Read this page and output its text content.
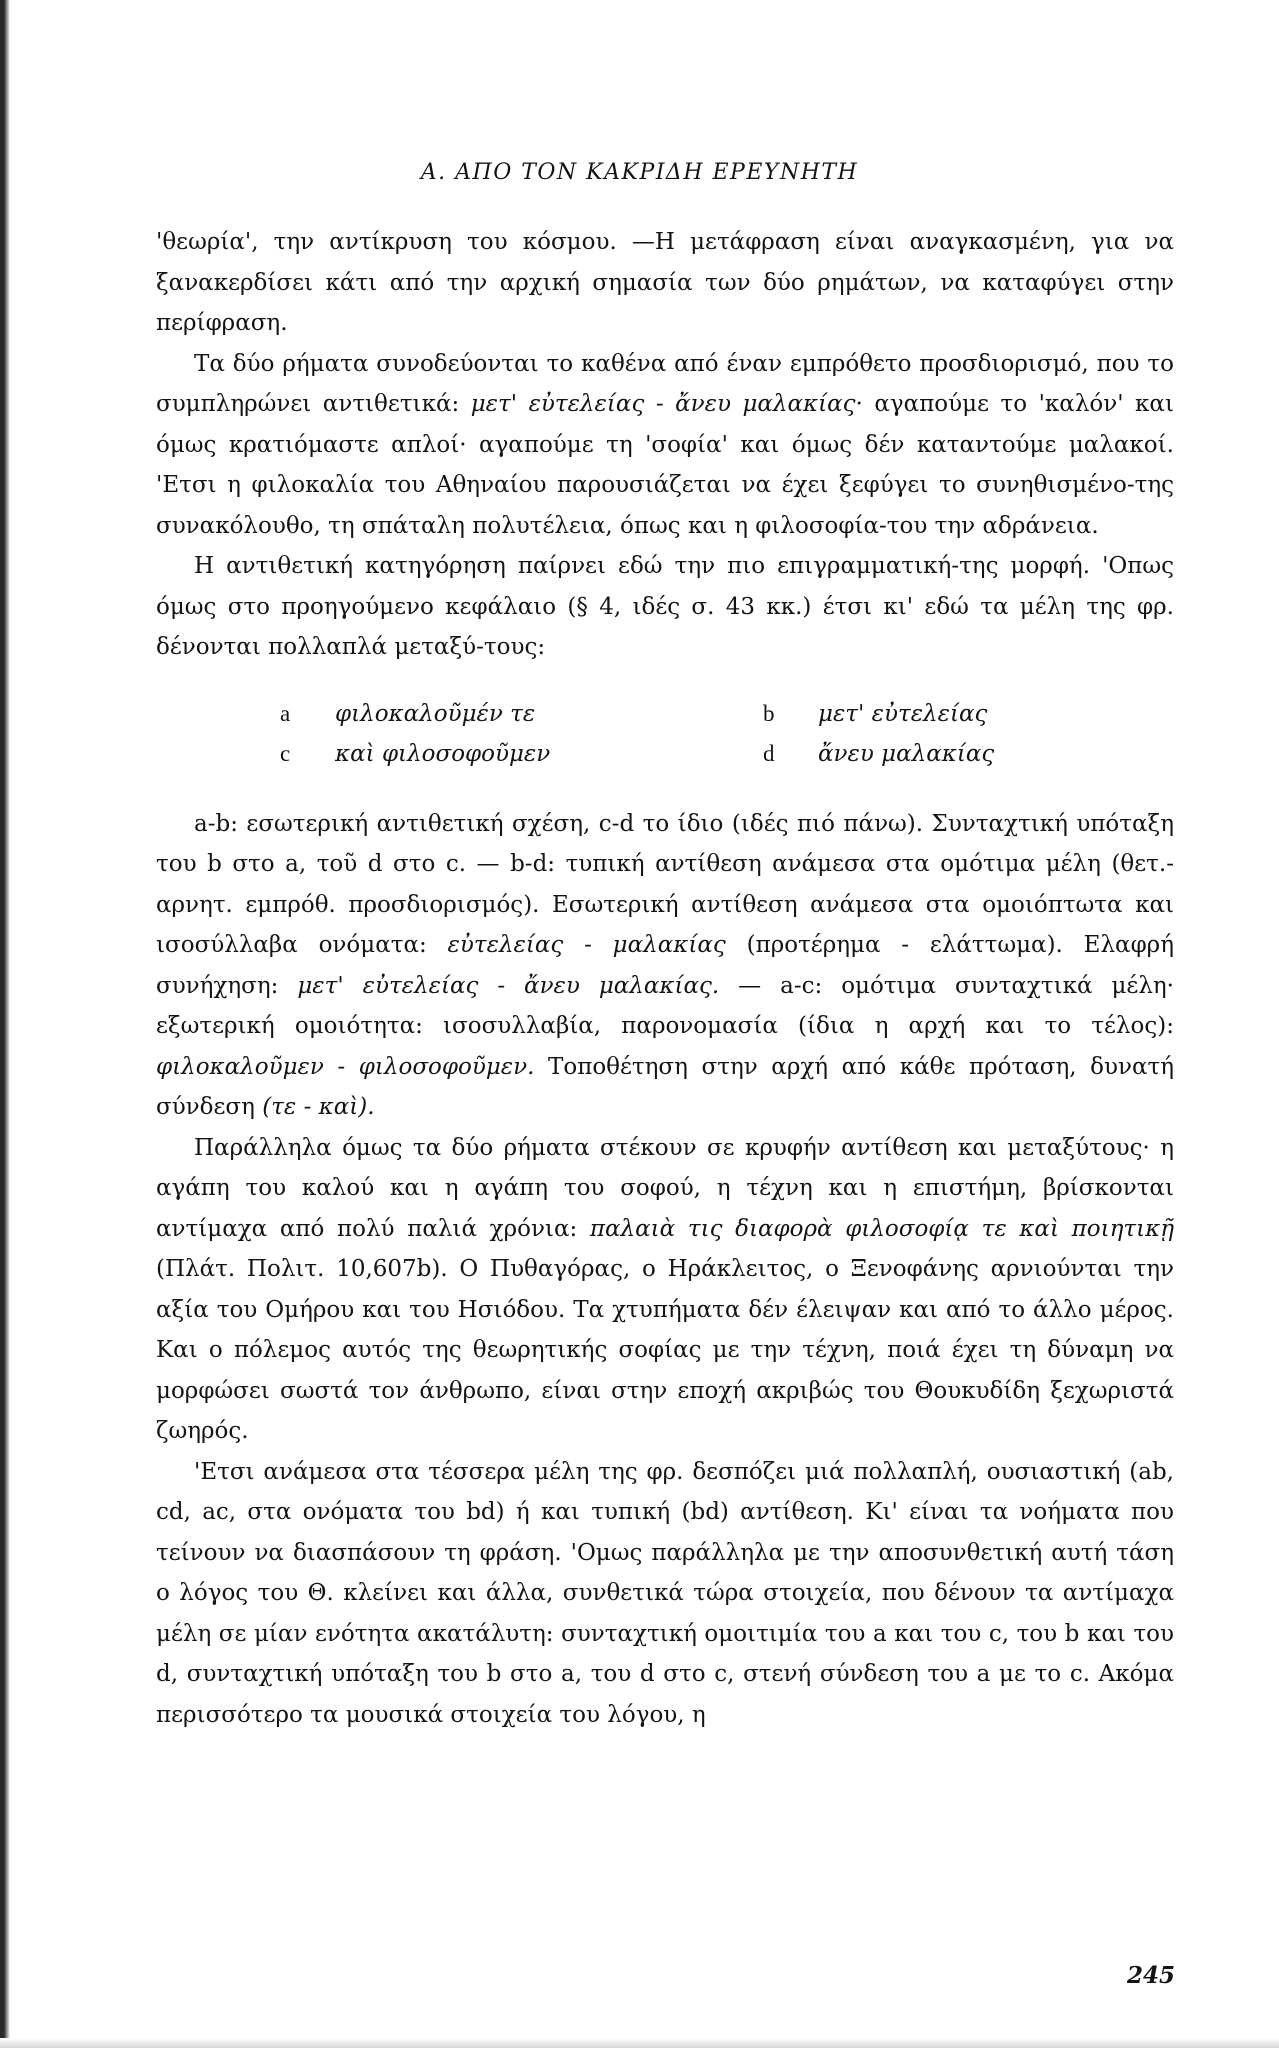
Α. ΑΠΟ ΤΟΝ ΚΑΚΡΙΔΗ ΕΡΕΥΝΗΤΗ

'θεωρία', την αντίκρυση του κόσμου. —Η μετάφραση είναι αναγκασμένη, για να ξανακερδίσει κάτι από την αρχική σημασία των δύο ρημάτων, να καταφύγει στην περίφραση.

Τα δύο ρήματα συνοδεύονται το καθένα από έναν εμπρόθετο προσδιορισμό, που το συμπληρώνει αντιθετικά: μετ' εὐτελείας - ἄνευ μαλακίας· αγαπούμε το 'καλόν' και όμως κρατιόμαστε απλοί· αγαπούμε τη 'σοφία' και όμως δέν καταντούμε μαλακοί. 'Ετσι η φιλοκαλία του Αθηναίου παρουσιάζεται να έχει ξεφύγει το συνηθισμένο-της συνακόλουθο, τη σπάταλη πολυτέλεια, όπως και η φιλοσοφία-του την αδράνεια.

Η αντιθετική κατηγόρηση παίρνει εδώ την πιο επιγραμματική-της μορφή. 'Οπως όμως στο προηγούμενο κεφάλαιο (§ 4, ιδές σ. 43 κκ.) έτσι κι' εδώ τα μέλη της φρ. δένονται πολλαπλά μεταξύ-τους:

a	φιλοκαλοῦμέν τε	b	μετ' εὐτελείας
c	καὶ φιλοσοφοῦμεν	d	ἄνευ μαλακίας

a-b: εσωτερική αντιθετική σχέση, c-d το ίδιο (ιδές πιό πάνω). Συνταχτική υπόταξη του b στο a, τοῦ d στο c. — b-d: τυπική αντίθεση ανάμεσα στα ομότιμα μέλη (θετ.-αρνητ. εμπρόθ. προσδιορισμός). Εσωτερική αντίθεση ανάμεσα στα ομοιόπτωτα και ισοσύλλαβα ονόματα: εὐτελείας - μαλακίας (προτέρημα - ελάττωμα). Ελαφρή συνήχηση: μετ' εὐτελείας - ἄνευ μαλακίας. — a-c: ομότιμα συνταχτικά μέλη· εξωτερική ομοιότητα: ισοσυλλαβία, παρονομασία (ίδια η αρχή και το τέλος): φιλοκαλοῦμεν - φιλοσοφοῦμεν. Τοποθέτηση στην αρχή από κάθε πρόταση, δυνατή σύνδεση (τε - καὶ).

Παράλληλα όμως τα δύο ρήματα στέκουν σε κρυφήν αντίθεση και μεταξύτους· η αγάπη του καλού και η αγάπη του σοφού, η τέχνη και η επιστήμη, βρίσκονται αντίμαχα από πολύ παλιά χρόνια: παλαιὰ τις διαφορὰ φιλοσοφίᾳ τε καὶ ποιητικῇ (Πλάτ. Πολιτ. 10,607b). Ο Πυθαγόρας, ο Ηράκλειτος, ο Ξενοφάνης αρνιούνται την αξία του Ομήρου και του Ησιόδου. Τα χτυπήματα δέν έλειψαν και από το άλλο μέρος. Και ο πόλεμος αυτός της θεωρητικής σοφίας με την τέχνη, ποιά έχει τη δύναμη να μορφώσει σωστά τον άνθρωπο, είναι στην εποχή ακριβώς του Θουκυδίδη ξεχωριστά ζωηρός.

'Ετσι ανάμεσα στα τέσσερα μέλη της φρ. δεσπόζει μιά πολλαπλή, ουσιαστική (ab, cd, ac, στα ονόματα του bd) ή και τυπική (bd) αντίθεση. Κι' είναι τα νοήματα που τείνουν να διασπάσουν τη φράση. 'Ομως παράλληλα με την αποσυνθετική αυτή τάση ο λόγος του Θ. κλείνει και άλλα, συνθετικά τώρα στοιχεία, που δένουν τα αντίμαχα μέλη σε μίαν ενότητα ακατάλυτη: συνταχτική ομοιτιμία του a και του c, του b και του d, συνταχτική υπόταξη του b στο a, του d στο c, στενή σύνδεση του a με το c. Ακόμα περισσότερο τα μουσικά στοιχεία του λόγου, η

245
